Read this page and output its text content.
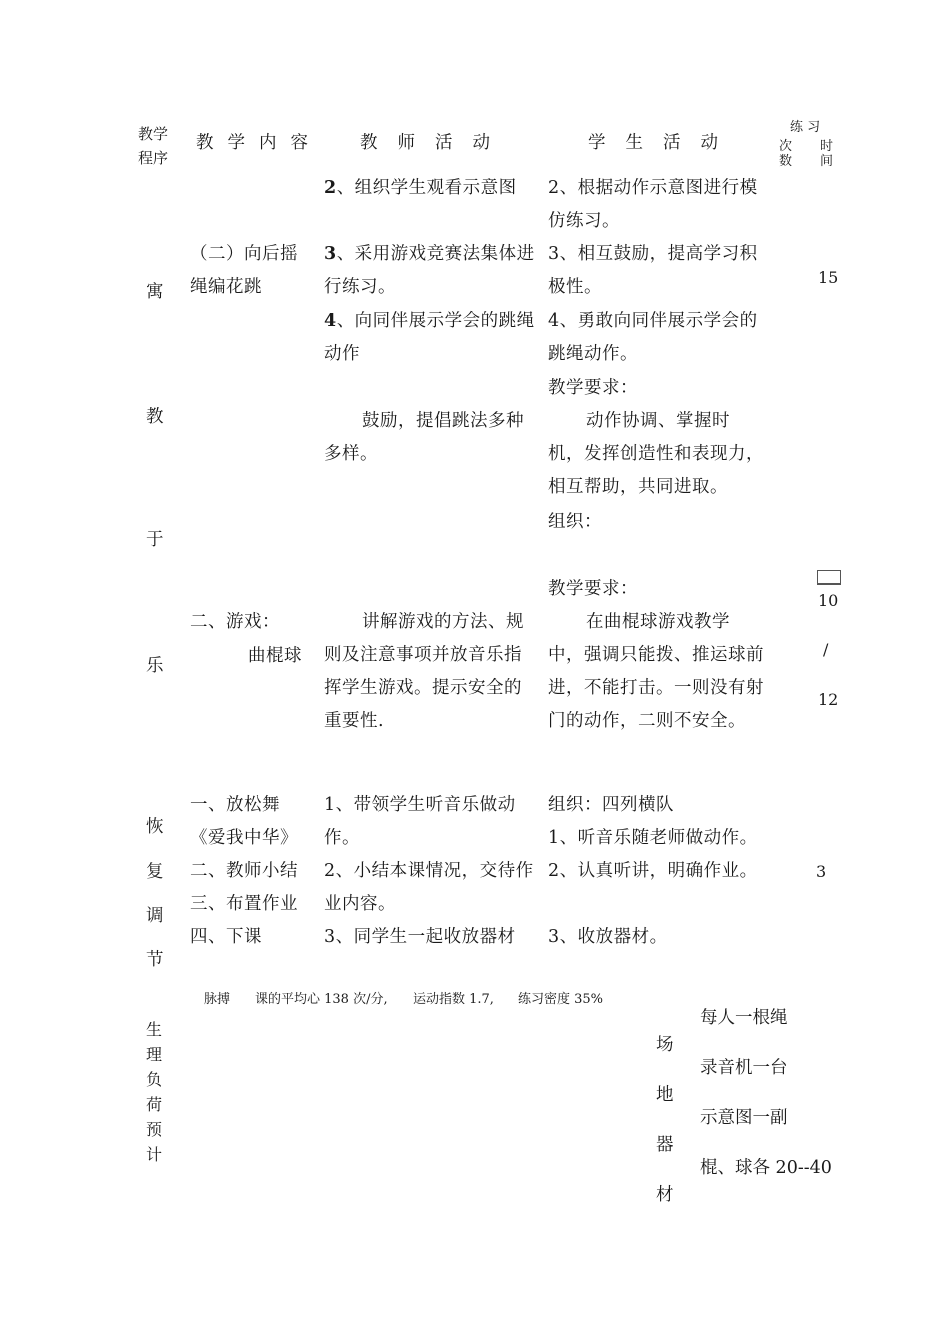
教学
程序
教学内容 教师活动	学生活动
练 习
次
数
时
间
寓
教
于
乐
（二）向后摇绳编花跳
二、游戏：
曲棍球
2、组织学生观看示意图
3、采用游戏竞赛法集体进行练习。
4、向同伴展示学会的跳绳动作
鼓励，提倡跳法多种多样。
讲解游戏的方法、规则及注意事项并放音乐指挥学生游戏。提示安全的重要性.
2、根据动作示意图进行模仿练习。
3、相互鼓励，提高学习积极性。
4、勇敢向同伴展示学会的跳绳动作。
教学要求：
动作协调、掌握时机，发挥创造性和表现力，相互帮助，共同进取。
组织：
教学要求：
在曲棍球游戏教学中，强调只能拨、推运球前进，不能打击。一则没有射门的动作，二则不安全。
15
10
/
12
恢
复
调
节
一、放松舞《爱我中华》
二、教师小结
三、布置作业
四、下课
1、带领学生听音乐做动作。
2、小结本课情况，交待作业内容。
3、同学生一起收放器材
组织：四列横队
1、听音乐随老师做动作。
2、认真听讲，明确作业。
3、收放器材。
3
生
理
负
荷
预
计
脉搏 课的平均心 138 次/分, 运动指数 1.7, 练习密度 35%
场
地
器
材
每人一根绳
录音机一台
示意图一副
棍、球各 20--40
